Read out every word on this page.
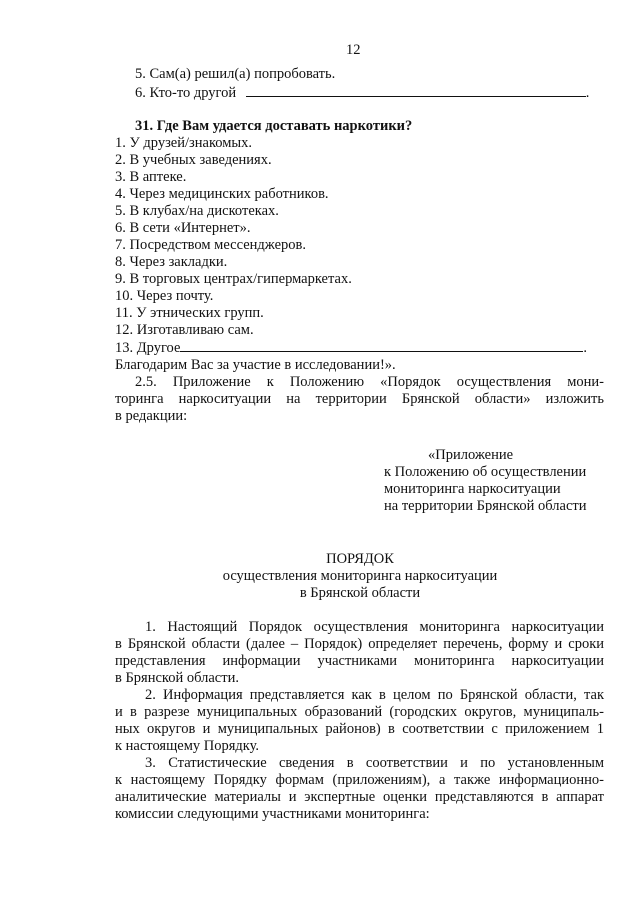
12
5. Сам(а) решил(а) попробовать.
6. Кто-то другой	.
31. Где Вам удается доставать наркотики?
1. У друзей/знакомых.
2. В учебных заведениях.
3. В аптеке.
4. Через медицинских работников.
5. В клубах/на дискотеках.
6. В сети «Интернет».
7. Посредством мессенджеров.
8. Через закладки.
9. В торговых центрах/гипермаркетах.
10. Через почту.
11. У этнических групп.
12. Изготавливаю сам.
13. Другое	.
Благодарим Вас за участие в исследовании!».
2.5. Приложение к Положению «Порядок осуществления мони-
торинга наркоситуации на территории Брянской области» изложить
в редакции:
«Приложение
к Положению об осуществлении
мониторинга наркоситуации
на территории Брянской области
ПОРЯДОК
осуществления мониторинга наркоситуации
в Брянской области
1. Настоящий Порядок осуществления мониторинга наркоситуации
в Брянской области (далее – Порядок) определяет перечень, форму и сроки
представления информации участниками мониторинга наркоситуации
в Брянской области.
2. Информация представляется как в целом по Брянской области, так
и в разрезе муниципальных образований (городских округов, муниципаль-
ных округов и муниципальных районов) в соответствии с приложением 1
к настоящему Порядку.
3. Статистические сведения в соответствии и по установленным
к настоящему Порядку формам (приложениям), а также информационно-
аналитические материалы и экспертные оценки представляются в аппарат
комиссии следующими участниками мониторинга:
